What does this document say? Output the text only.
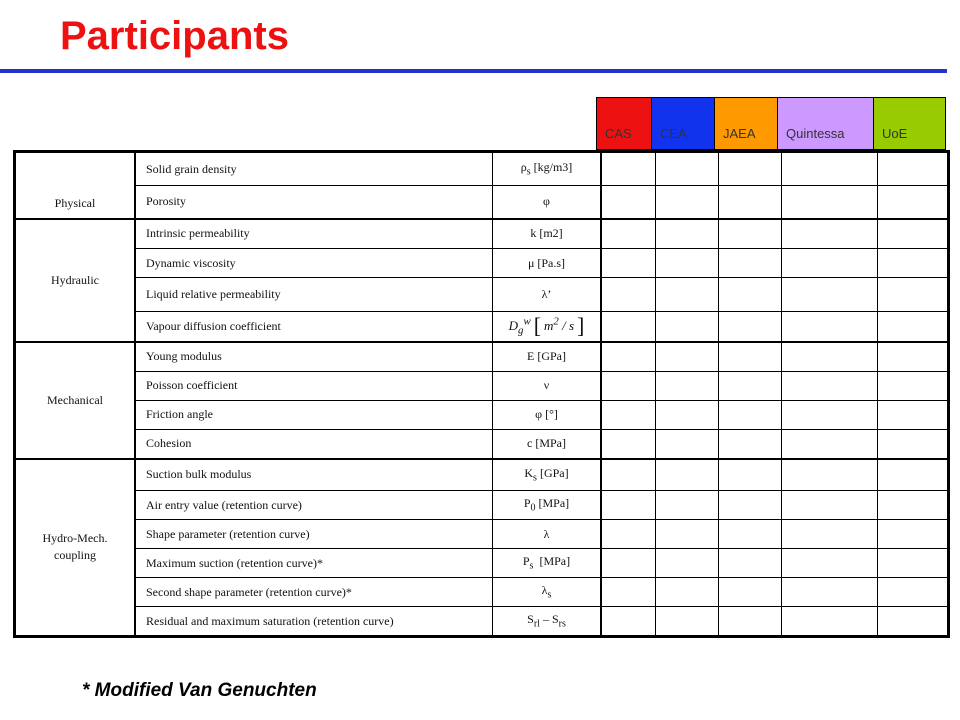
Participants
CAS CEA	JAEA Quintessa	UoE
Physical	Solid grain density	$\rho_s$ [kg/m3]					
	Porosity	φ					
Hydraulic	Intrinsic permeability	k [m2]					
	Dynamic viscosity	μ [Pa.s]					
	Liquid relative permeability	λ’					
	Vapour diffusion coefficient	$D_g^w$ [ $m^2$ / s ]					
Mechanical	Young modulus	E [GPa]					
	Poisson coefficient	ν					
	Friction angle	φ [°]					
	Cohesion	c [MPa]					
Hydro-Mech.
coupling	Suction bulk modulus	$K_s$ [GPa]					
	Air entry value (retention curve)	$P_0$ [MPa]					
	Shape parameter (retention curve)	λ					
	Maximum suction (retention curve)*	$P_s$  [MPa]					
	Second shape parameter (retention curve)*	$\lambda_s$					
	Residual and maximum saturation (retention curve)	$S_{rl} - S_{rs}$					
* Modified Van Genuchten
